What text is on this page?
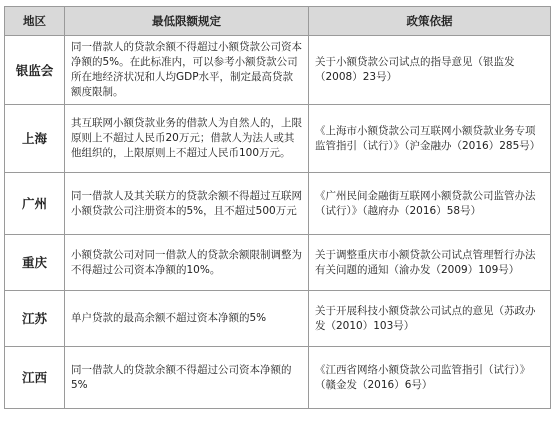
地区	最低限额规定	政策依据
银监会	同一借款人的贷款余额不得超过小额贷款公司资本净额的5%。在此标准内，可以参考小额贷款公司所在地经济状况和人均GDP水平，制定最高贷款额度限制。	关于小额贷款公司试点的指导意见（银监发（2008）23号）
上海	其互联网小额贷款业务的借款人为自然人的，上限原则上不超过人民币20万元；借款人为法人或其他组织的，上限原则上不超过人民币100万元。	《上海市小额贷款公司互联网小额贷款业务专项监管指引（试行）》（沪金融办（2016）285号）
广州	同一借款人及其关联方的贷款余额不得超过互联网小额贷款公司注册资本的5%，且不超过500万元	《广州民间金融街互联网小额贷款公司监管办法（试行）》（越府办（2016）58号）
重庆	小额贷款公司对同一借款人的贷款余额限制调整为不得超过公司资本净额的10%。	关于调整重庆市小额贷款公司试点管理暂行办法有关问题的通知（渝办发（2009）109号）
江苏	单户贷款的最高余额不超过资本净额的5%	关于开展科技小额贷款公司试点的意见（苏政办发（2010）103号）
江西	同一借款人的贷款余额不得超过公司资本净额的5%	《江西省网络小额贷款公司监管指引（试行）》（赣金发（2016）6号）
